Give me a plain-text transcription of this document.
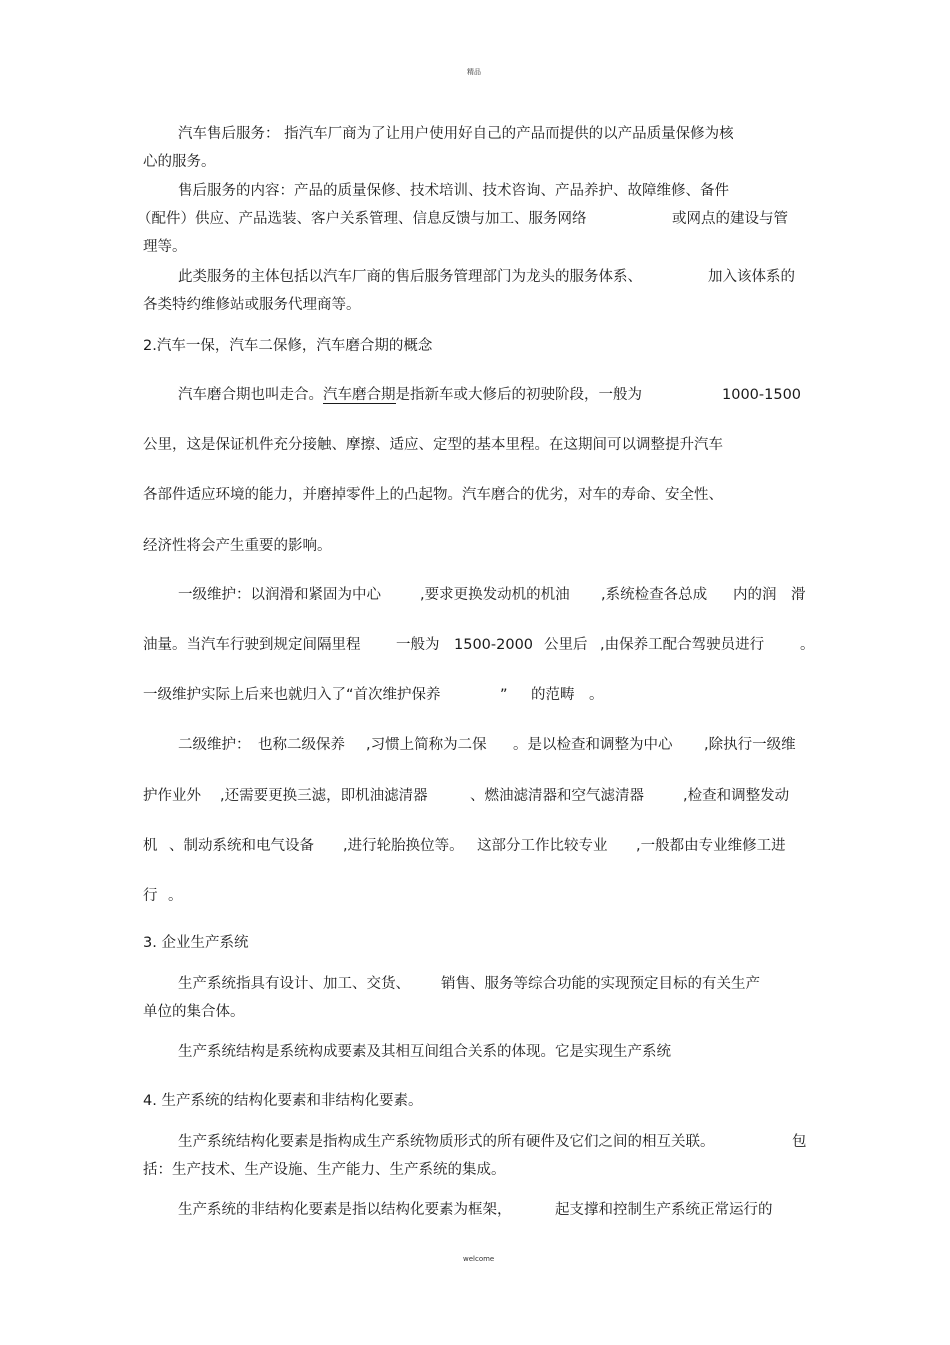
精品
汽车售后服务： 指汽车厂商为了让用户使用好自己的产品而提供的以产品质量保修为核
心的服务。
售后服务的内容：产品的质量保修、技术培训、技术咨询、产品养护、故障维修、备件
（配件）供应、产品选装、客户关系管理、信息反馈与加工、服务网络	或网点的建设与管
理等。
此类服务的主体包括以汽车厂商的售后服务管理部门为龙头的服务体系、	加入该体系的
各类特约维修站或服务代理商等。
2.汽车一保，汽车二保修，汽车磨合期的概念
汽车磨合期也叫走合。汽车磨合期是指新车或大修后的初驶阶段，一般为	1000-1500
公里，这是保证机件充分接触、摩擦、适应、定型的基本里程。在这期间可以调整提升汽车
各部件适应环境的能力，并磨掉零件上的凸起物。汽车磨合的优劣，对车的寿命、安全性、
经济性将会产生重要的影响。
一级维护：以润滑和紧固为中心	,要求更换发动机的机油 ,系统检查各总成 内的润 滑
油量。当汽车行驶到规定间隔里程 一般为 1500-2000 公里后 ,由保养工配合驾驶员进行 。
一级维护实际上后来也就归入了“首次维护保养	” 的范畴 。
二级维护： 也称二级保养 ,习惯上简称为二保 。是以检查和调整为中心 ,除执行一级维
护作业外 ,还需要更换三滤，即机油滤清器	、燃油滤清器和空气滤清器	,检查和调整发动
机 、制动系统和电气设备 ,进行轮胎换位等。 这部分工作比较专业 ,一般都由专业维修工进
行 。
3. 企业生产系统
生产系统指具有设计、加工、交货、 销售、服务等综合功能的实现预定目标的有关生产
单位的集合体。
生产系统结构是系统构成要素及其相互间组合关系的体现。它是实现生产系统
4. 生产系统的结构化要素和非结构化要素。
生产系统结构化要素是指构成生产系统物质形式的所有硬件及它们之间的相互关联。	包
括：生产技术、生产设施、生产能力、生产系统的集成。
生产系统的非结构化要素是指以结构化要素为框架，	起支撑和控制生产系统正常运行的
welcome
